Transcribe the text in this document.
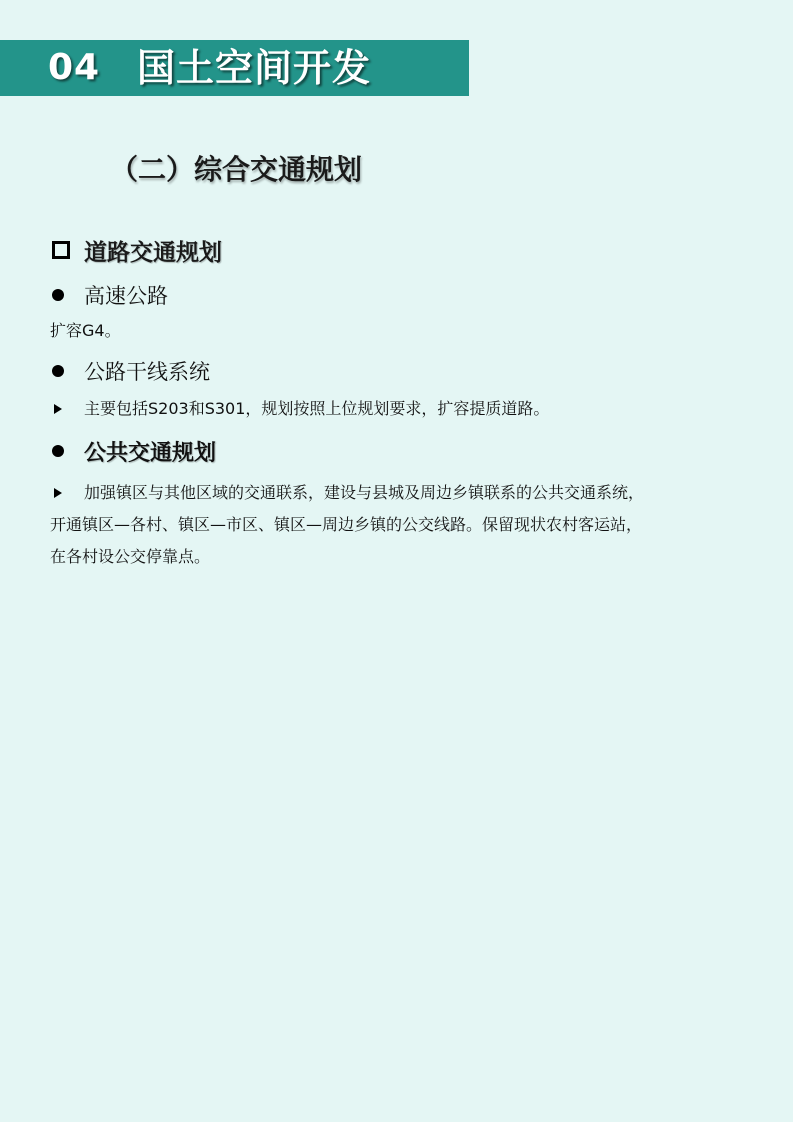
04 国土空间开发
（二）综合交通规划
道路交通规划
高速公路
扩容G4。
公路干线系统
主要包括S203和S301，规划按照上位规划要求，扩容提质道路。
公共交通规划
加强镇区与其他区域的交通联系，建设与县城及周边乡镇联系的公共交通系统，
开通镇区—各村、镇区—市区、镇区—周边乡镇的公交线路。保留现状农村客运站，
在各村设公交停靠点。
